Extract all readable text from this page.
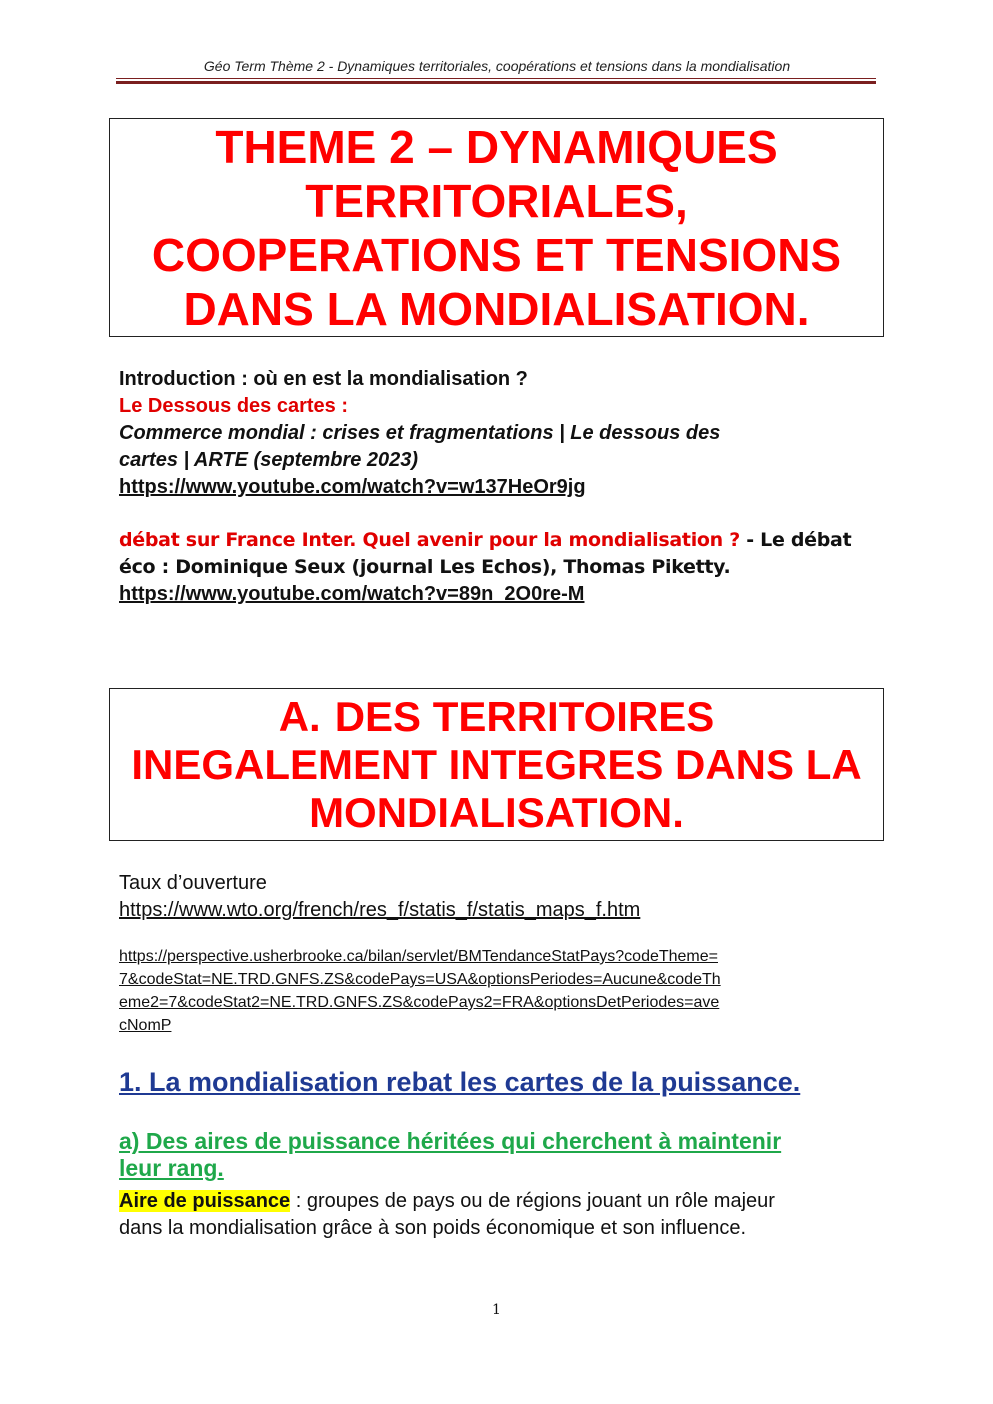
Géo Term Thème 2 - Dynamiques territoriales, coopérations et tensions dans la mondialisation
THEME 2 – DYNAMIQUES
TERRITORIALES,
COOPERATIONS ET TENSIONS
DANS LA MONDIALISATION.
Introduction : où en est la mondialisation ?
Le Dessous des cartes :
Commerce mondial : crises et fragmentations | Le dessous des
cartes | ARTE (septembre 2023)
https://www.youtube.com/watch?v=w137HeOr9jg
débat sur France Inter. Quel avenir pour la mondialisation ? - Le débat
éco : Dominique Seux (journal Les Echos), Thomas Piketty.
https://www.youtube.com/watch?v=89n_2O0re-M
A. DES TERRITOIRES
INEGALEMENT INTEGRES DANS LA
MONDIALISATION.
Taux d’ouverture
https://www.wto.org/french/res_f/statis_f/statis_maps_f.htm
https://perspective.usherbrooke.ca/bilan/servlet/BMTendanceStatPays?codeTheme=
7&codeStat=NE.TRD.GNFS.ZS&codePays=USA&optionsPeriodes=Aucune&codeTh
eme2=7&codeStat2=NE.TRD.GNFS.ZS&codePays2=FRA&optionsDetPeriodes=ave
cNomP
1. La mondialisation rebat les cartes de la puissance.
a) Des aires de puissance héritées qui cherchent à maintenir
leur rang.
Aire de puissance : groupes de pays ou de régions jouant un rôle majeur
dans la mondialisation grâce à son poids économique et son influence.
1
